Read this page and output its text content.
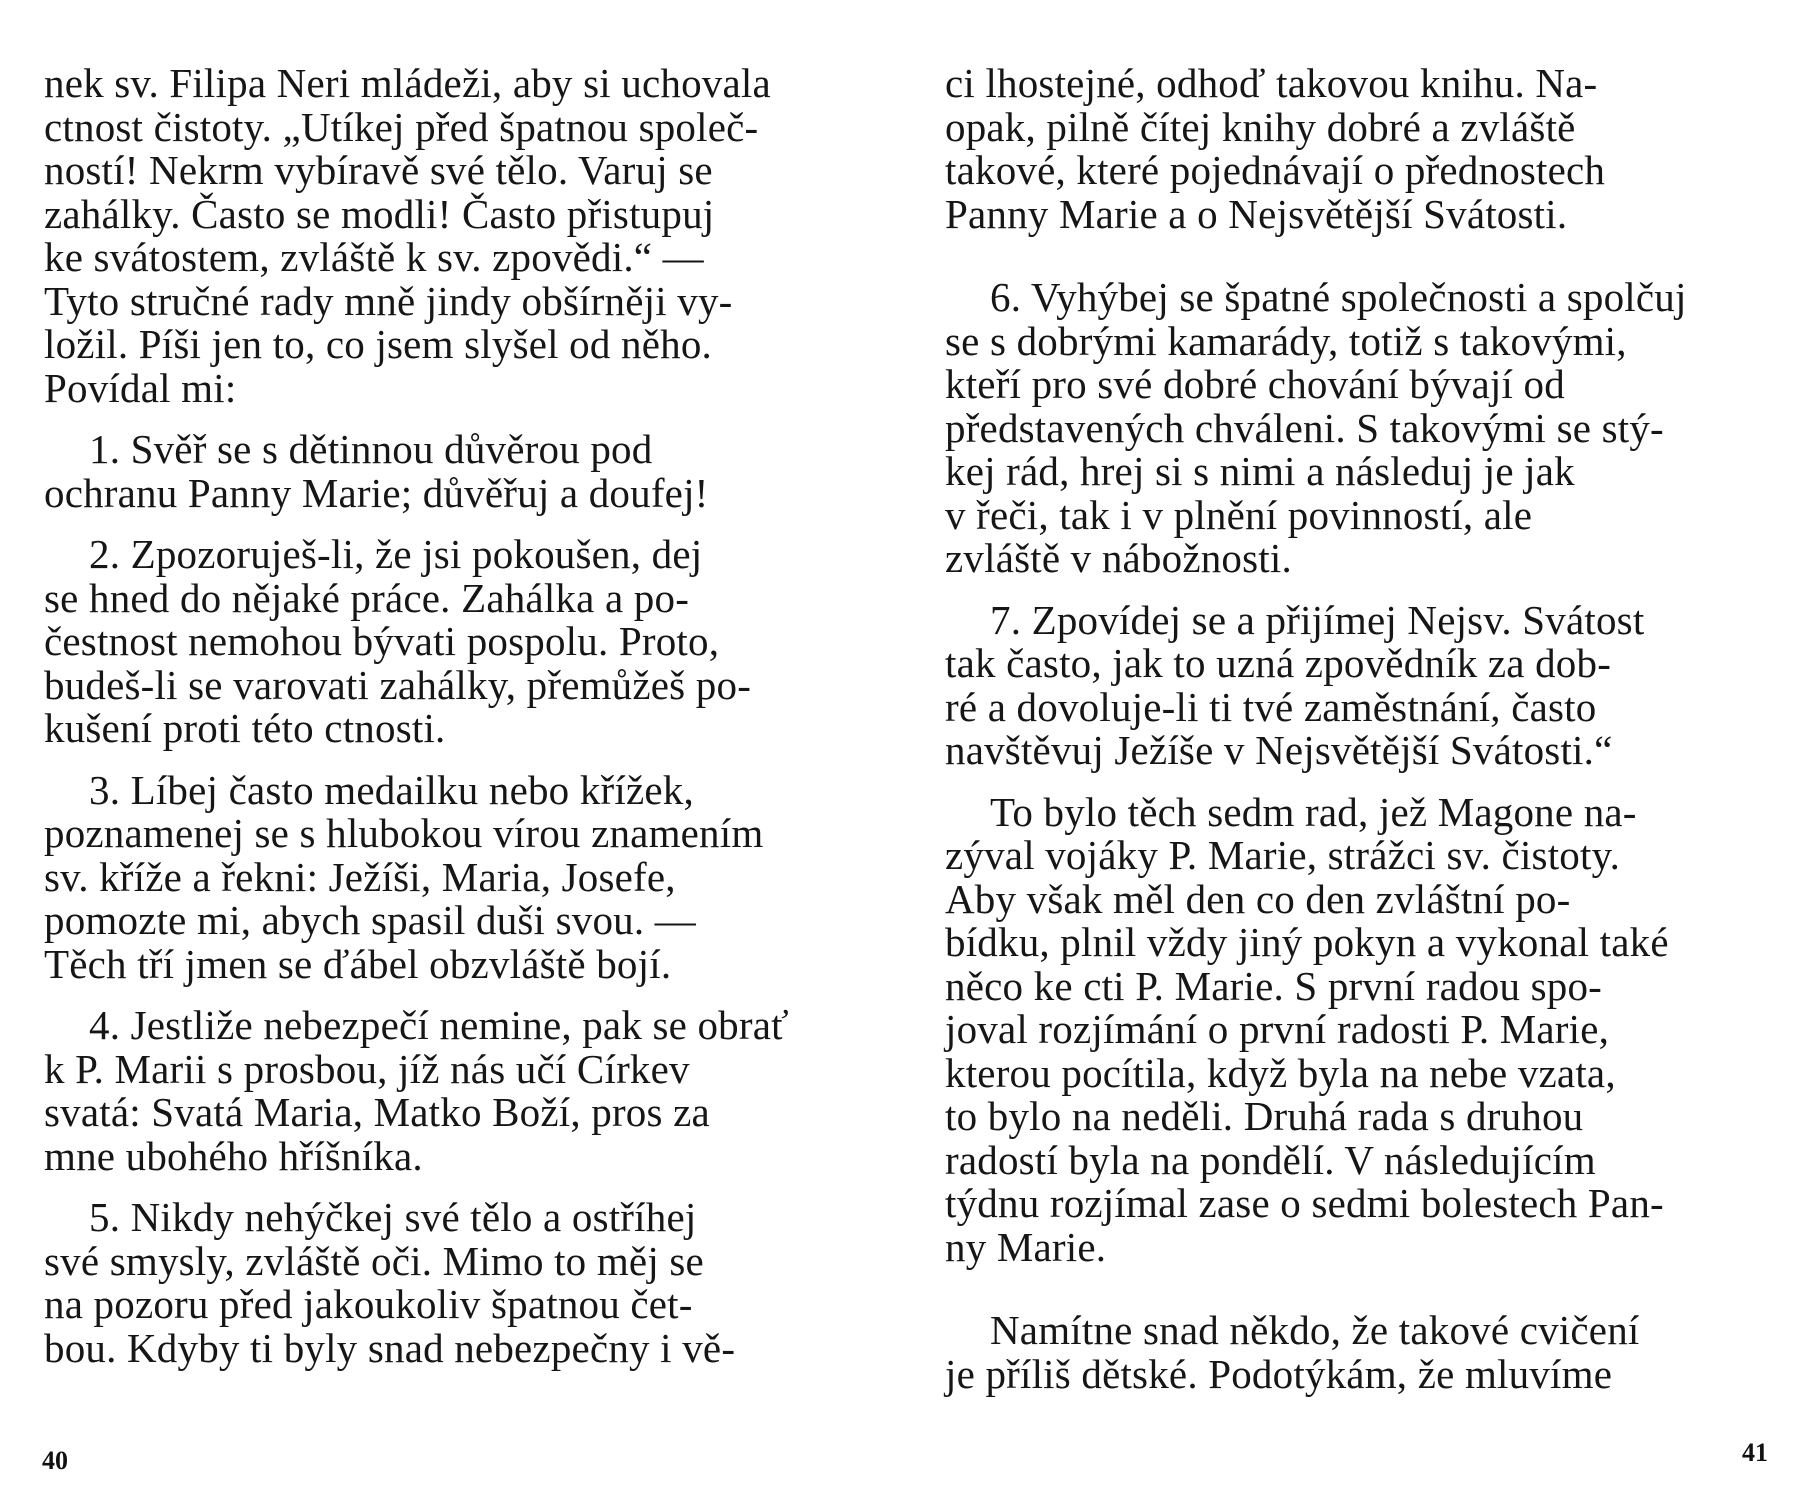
nek sv. Filipa Neri mládeži, aby si uchovala
ctnost čistoty. „Utíkej před špatnou společ-
ností! Nekrm vybíravě své tělo. Varuj se
zahálky. Často se modli! Často přistupuj
ke svátostem, zvláště k sv. zpovědi.“ —
Tyto stručné rady mně jindy obšírněji vy-
ložil. Píši jen to, co jsem slyšel od něho.
Povídal mi:

1. Svěř se s dětinnou důvěrou pod
ochranu Panny Marie; důvěřuj a doufej!

2. Zpozoruješ-li, že jsi pokoušen, dej
se hned do nějaké práce. Zahálka a po-
čestnost nemohou bývati pospolu. Proto,
budeš-li se varovati zahálky, přemůžeš po-
kušení proti této ctnosti.

3. Líbej často medailku nebo křížek,
poznamenej se s hlubokou vírou znamením
sv. kříže a řekni: Ježíši, Maria, Josefe,
pomozte mi, abych spasil duši svou. —
Těch tří jmen se ďábel obzvláště bojí.

4. Jestliže nebezpečí nemine, pak se obrať
k P. Marii s prosbou, jíž nás učí Církev
svatá: Svatá Maria, Matko Boží, pros za
mne ubohého hříšníka.

5. Nikdy nehýčkej své tělo a ostříhej
své smysly, zvláště oči. Mimo to měj se
na pozoru před jakoukoliv špatnou čet-
bou. Kdyby ti byly snad nebezpečny i vě-

ci lhostejné, odhoď takovou knihu. Na-
opak, pilně čítej knihy dobré a zvláště
takové, které pojednávají o přednostech
Panny Marie a o Nejsvětější Svátosti.

6. Vyhýbej se špatné společnosti a spolčuj
se s dobrými kamarády, totiž s takovými,
kteří pro své dobré chování bývají od
představených chváleni. S takovými se stý-
kej rád, hrej si s nimi a následuj je jak
v řeči, tak i v plnění povinností, ale
zvláště v nábožnosti.

7. Zpovídej se a přijímej Nejsv. Svátost
tak často, jak to uzná zpovědník za dob-
ré a dovoluje-li ti tvé zaměstnání, často
navštěvuj Ježíše v Nejsvětější Svátosti.“

To bylo těch sedm rad, jež Magone na-
zýval vojáky P. Marie, strážci sv. čistoty.
Aby však měl den co den zvláštní po-
bídku, plnil vždy jiný pokyn a vykonal také
něco ke cti P. Marie. S první radou spo-
joval rozjímání o první radosti P. Marie,
kterou pocítila, když byla na nebe vzata,
to bylo na neděli. Druhá rada s druhou
radostí byla na pondělí. V následujícím
týdnu rozjímal zase o sedmi bolestech Pan-
ny Marie.

Namítne snad někdo, že takové cvičení
je příliš dětské. Podotýkám, že mluvíme

40	41
